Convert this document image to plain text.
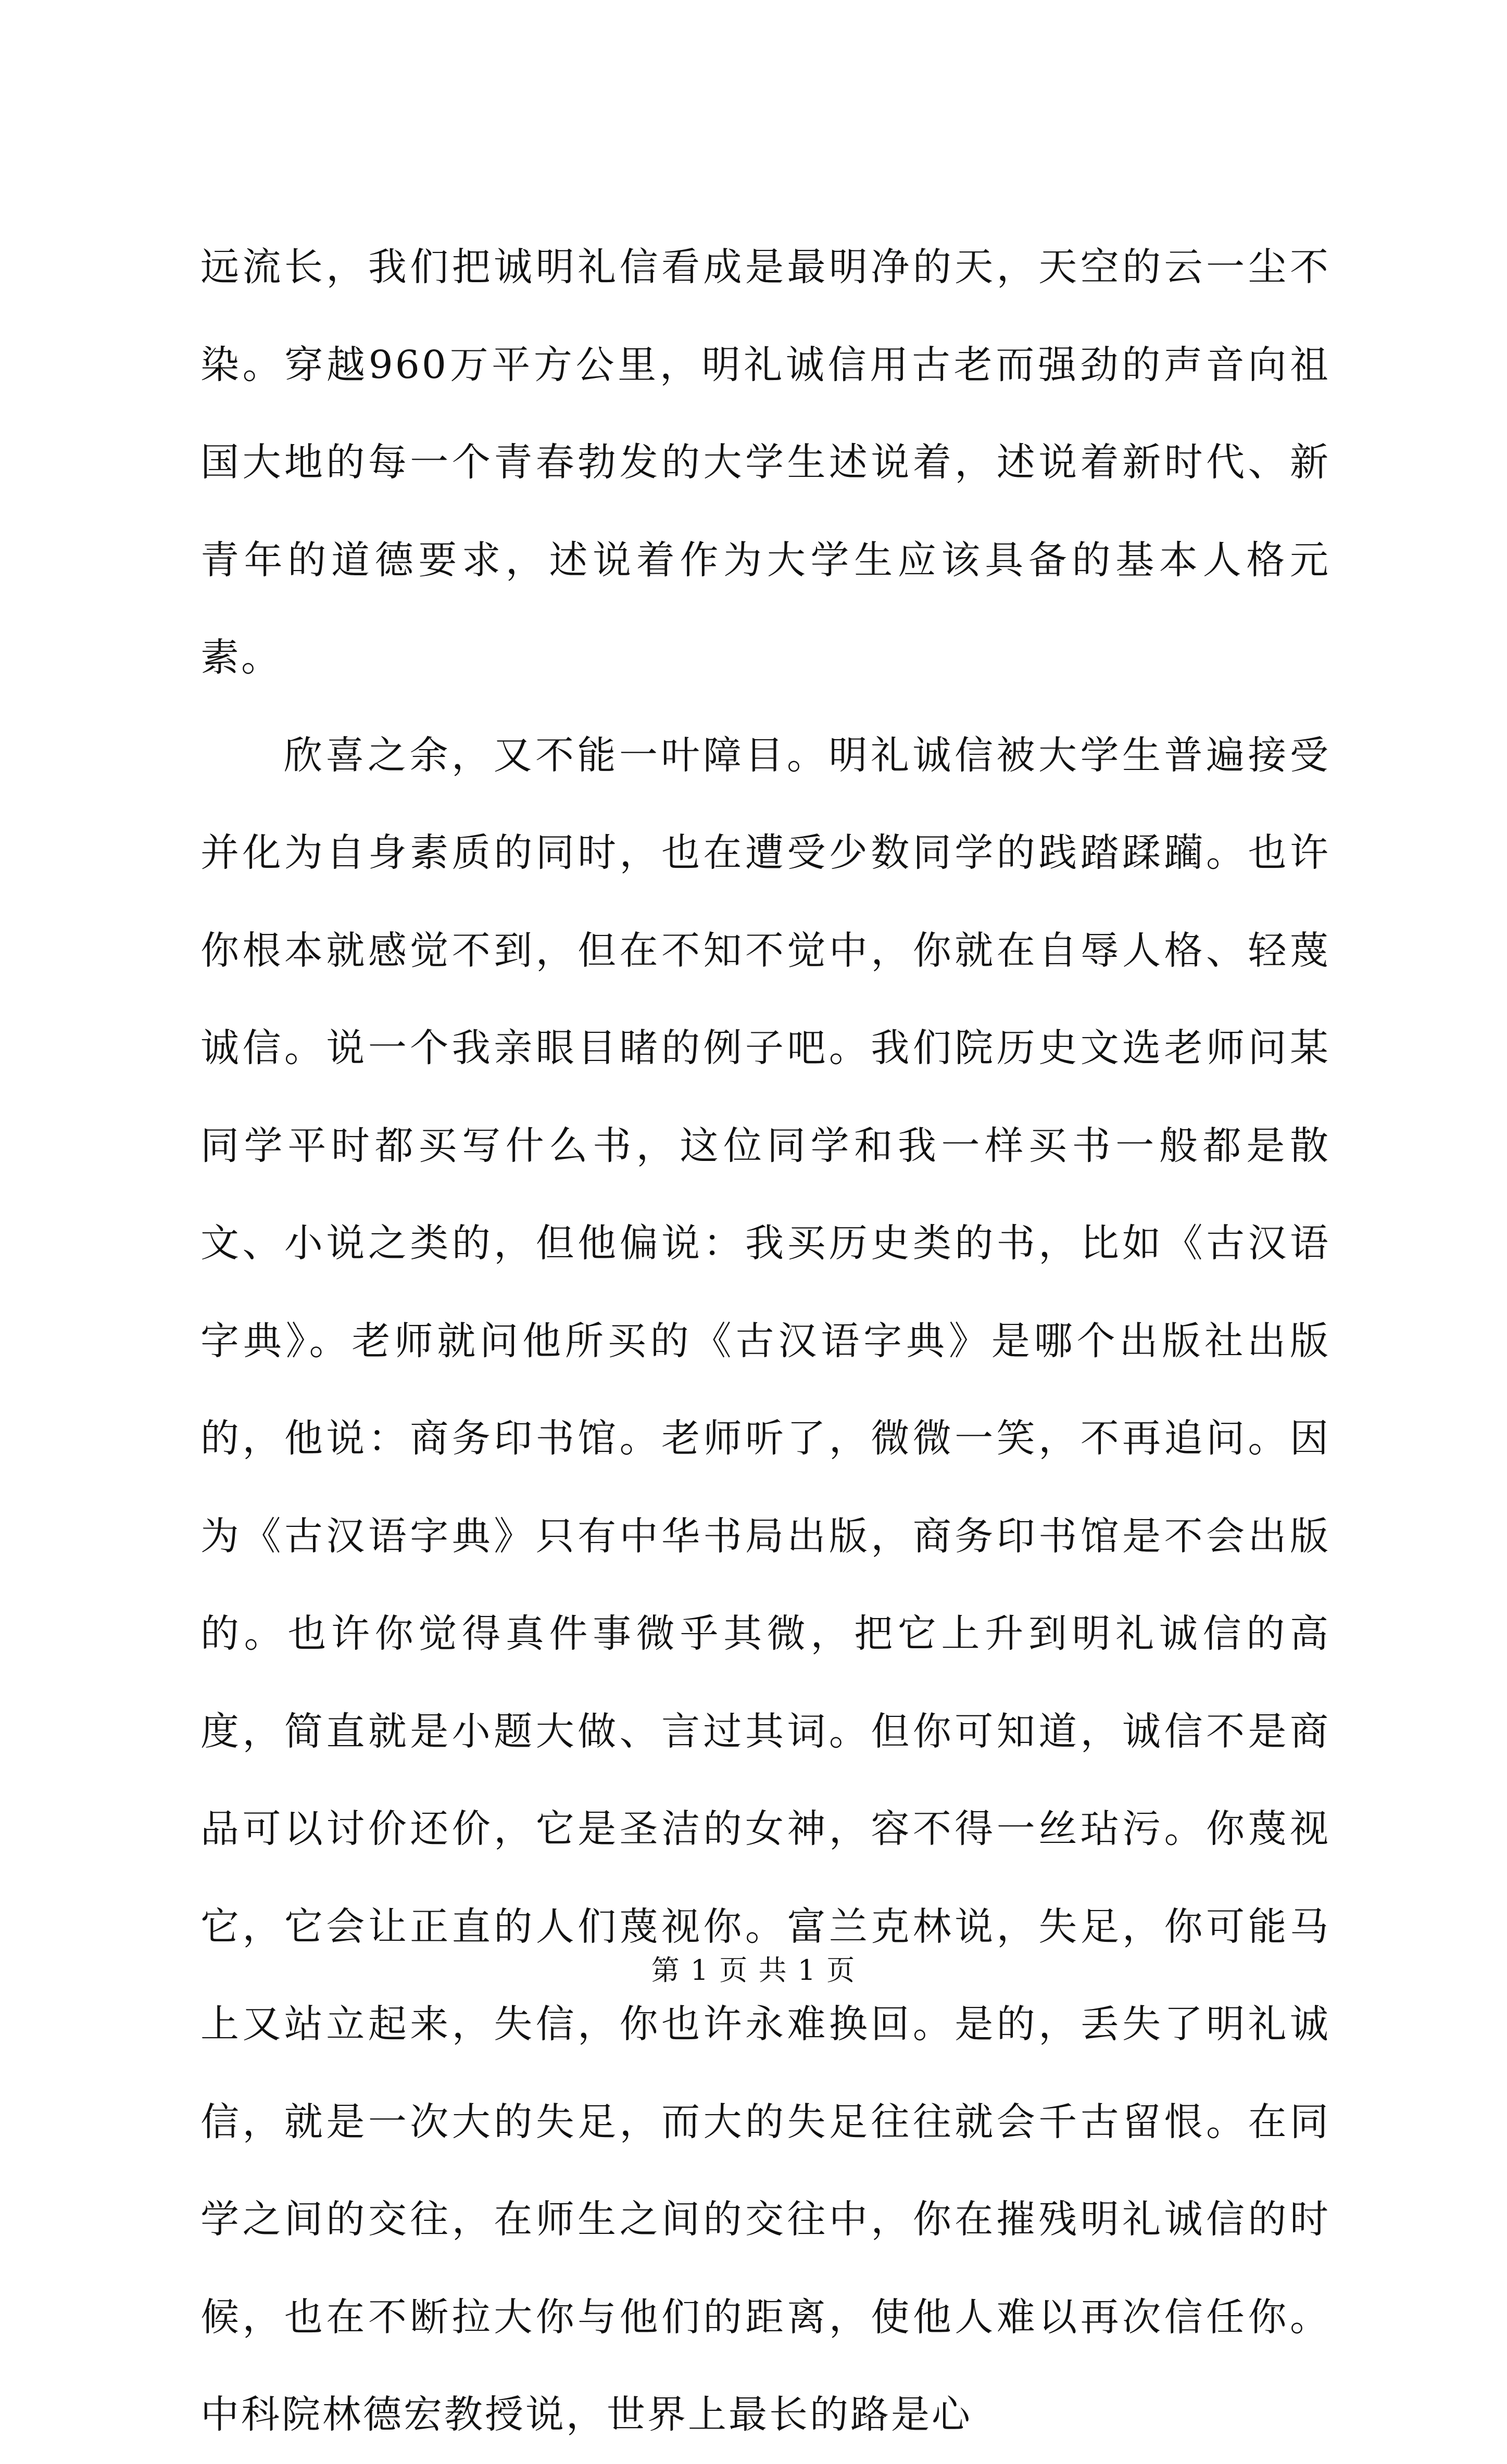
远流长，我们把诚明礼信看成是最明净的天，天空的云一尘不染。穿越960万平方公里，明礼诚信用古老而强劲的声音向祖国大地的每一个青春勃发的大学生述说着，述说着新时代、新青年的道德要求，述说着作为大学生应该具备的基本人格元素。

欣喜之余，又不能一叶障目。明礼诚信被大学生普遍接受并化为自身素质的同时，也在遭受少数同学的践踏蹂躏。也许你根本就感觉不到，但在不知不觉中，你就在自辱人格、轻蔑诚信。说一个我亲眼目睹的例子吧。我们院历史文选老师问某同学平时都买写什么书，这位同学和我一样买书一般都是散文、小说之类的，但他偏说：我买历史类的书，比如《古汉语字典》。老师就问他所买的《古汉语字典》是哪个出版社出版的，他说：商务印书馆。老师听了，微微一笑，不再追问。因为《古汉语字典》只有中华书局出版，商务印书馆是不会出版的。也许你觉得真件事微乎其微，把它上升到明礼诚信的高度，简直就是小题大做、言过其词。但你可知道，诚信不是商品可以讨价还价，它是圣洁的女神，容不得一丝玷污。你蔑视它，它会让正直的人们蔑视你。富兰克林说，失足，你可能马上又站立起来，失信，你也许永难换回。是的，丢失了明礼诚信，就是一次大的失足，而大的失足往往就会千古留恨。在同学之间的交往，在师生之间的交往中，你在摧残明礼诚信的时候，也在不断拉大你与他们的距离，使他人难以再次信任你。中科院林德宏教授说，世界上最长的路是心

第 1 页 共 1 页
